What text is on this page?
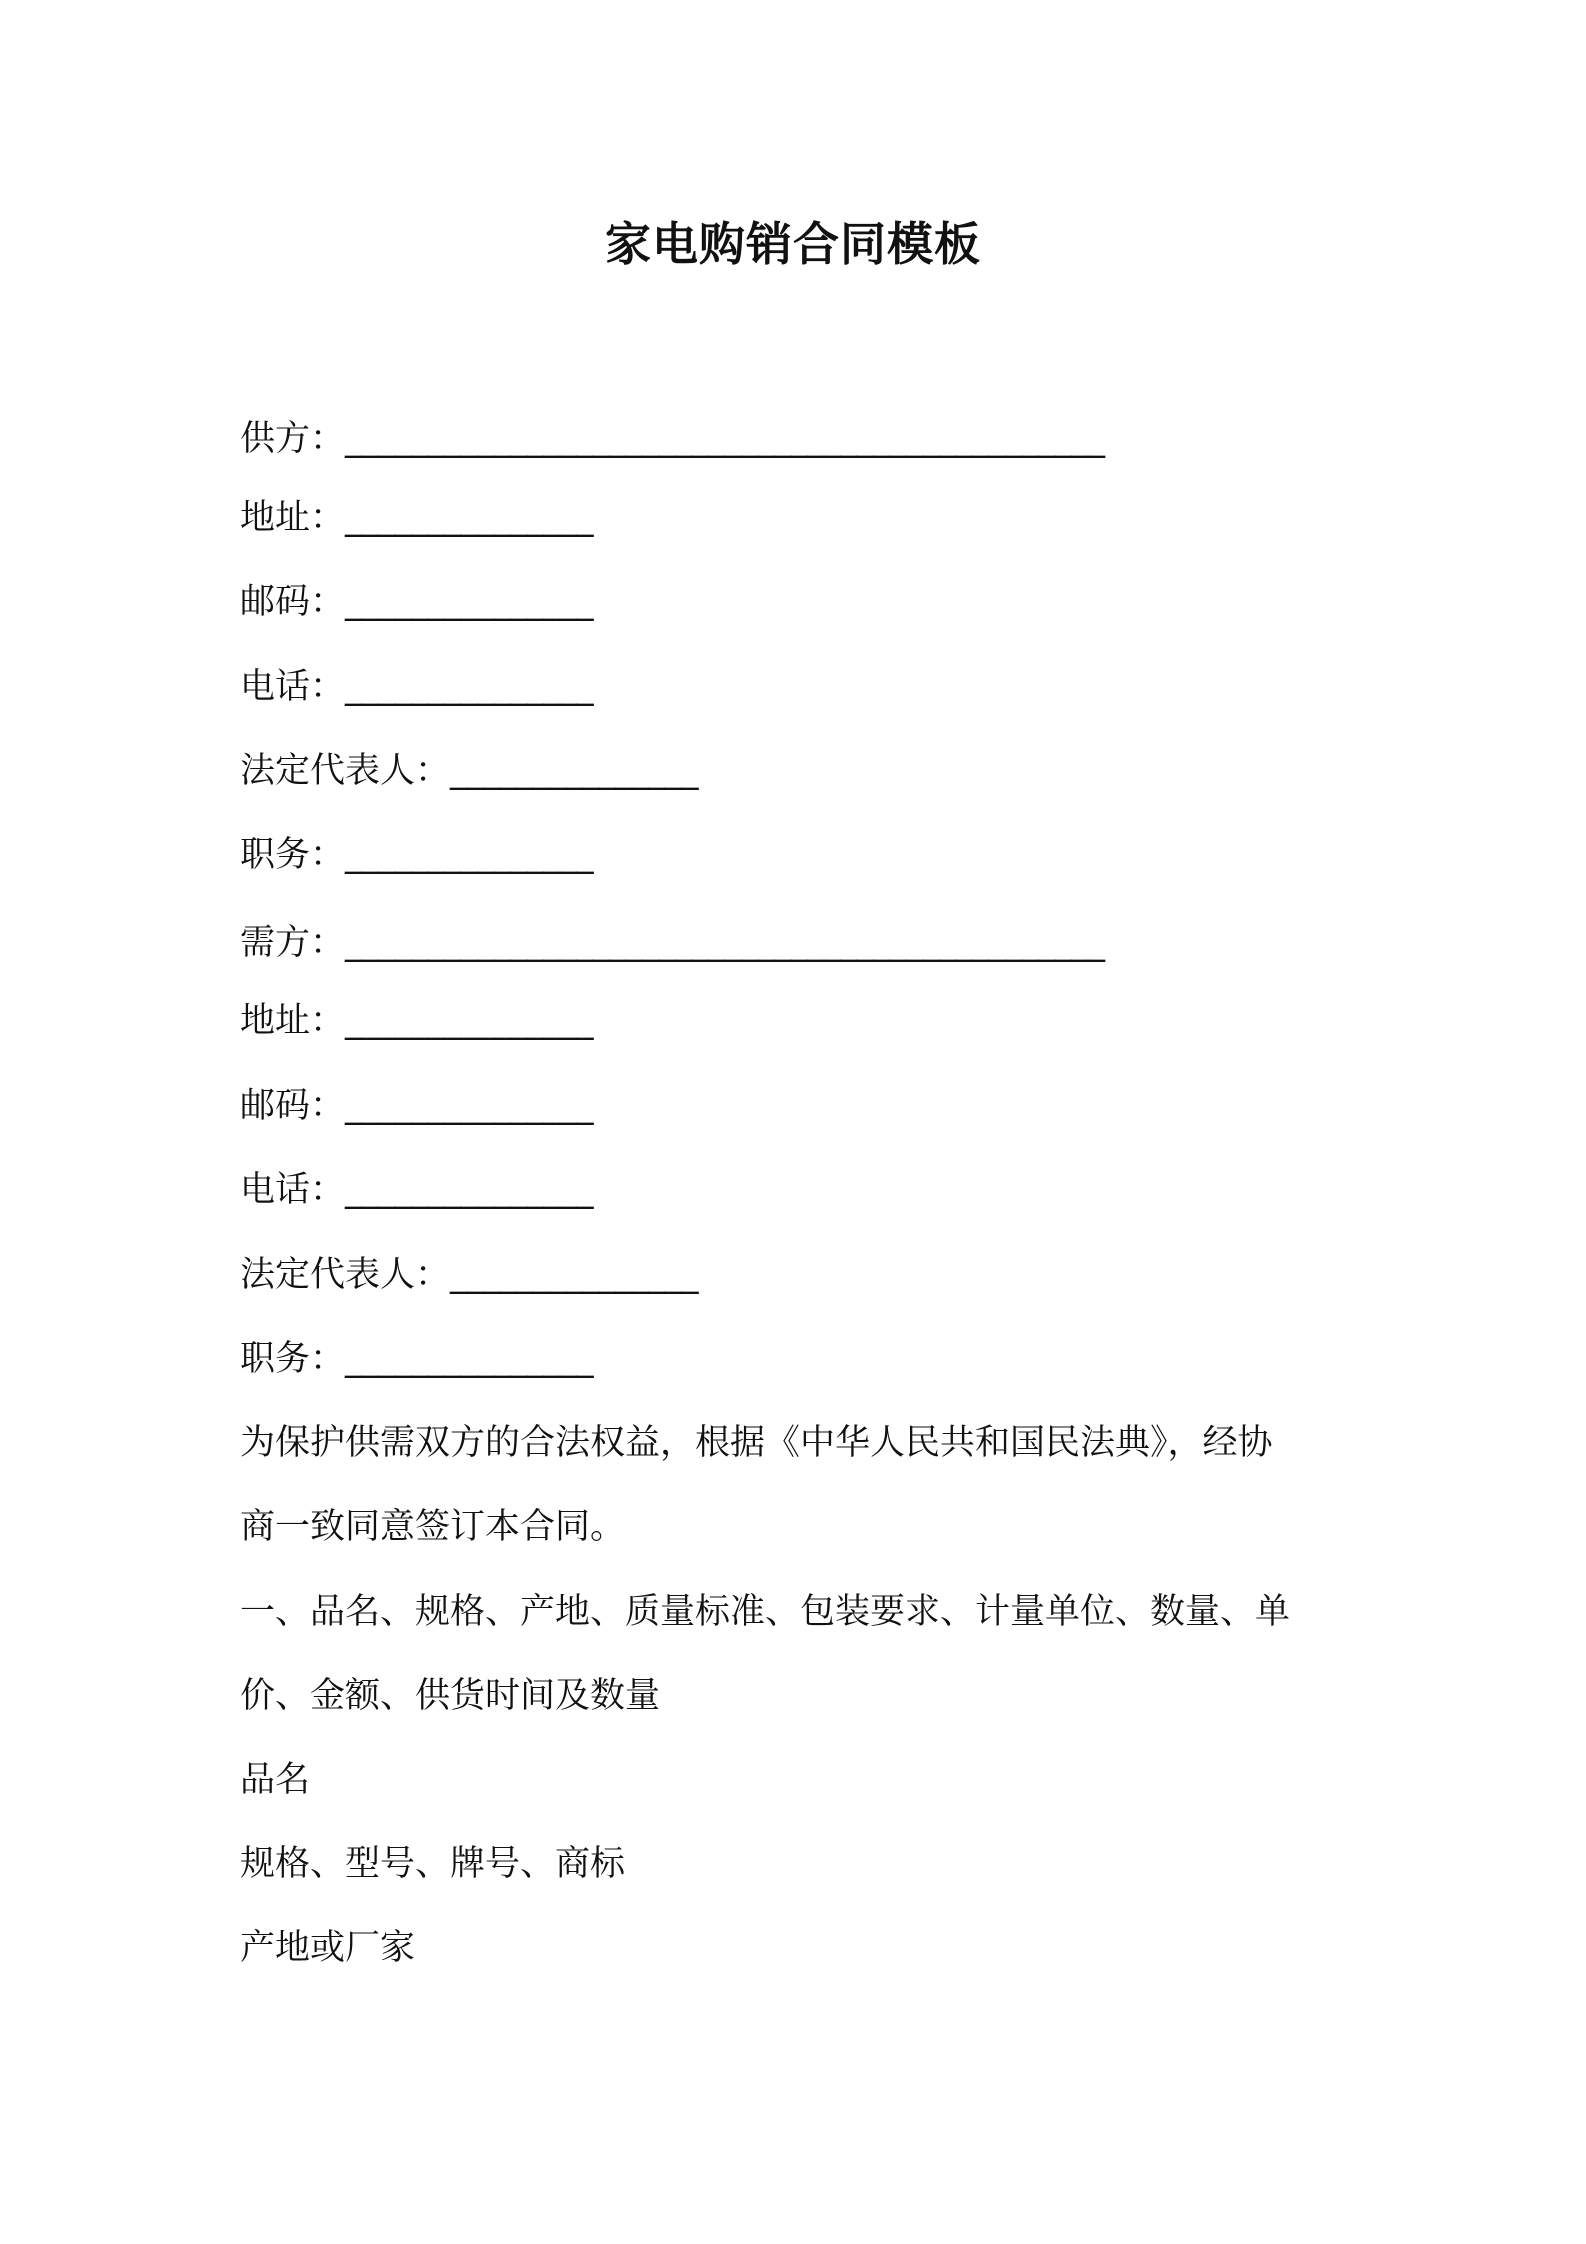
家电购销合同模板
供方：______________________________________________
地址：_______________
邮码：_______________
电话：_______________
法定代表人：_______________
职务：_______________
需方：______________________________________________
地址：_______________
邮码：_______________
电话：_______________
法定代表人：_______________
职务：_______________
为保护供需双方的合法权益，根据《中华人民共和国民法典》，经协
商一致同意签订本合同。
一、品名、规格、产地、质量标准、包装要求、计量单位、数量、单
价、金额、供货时间及数量
品名
规格、型号、牌号、商标
产地或厂家
